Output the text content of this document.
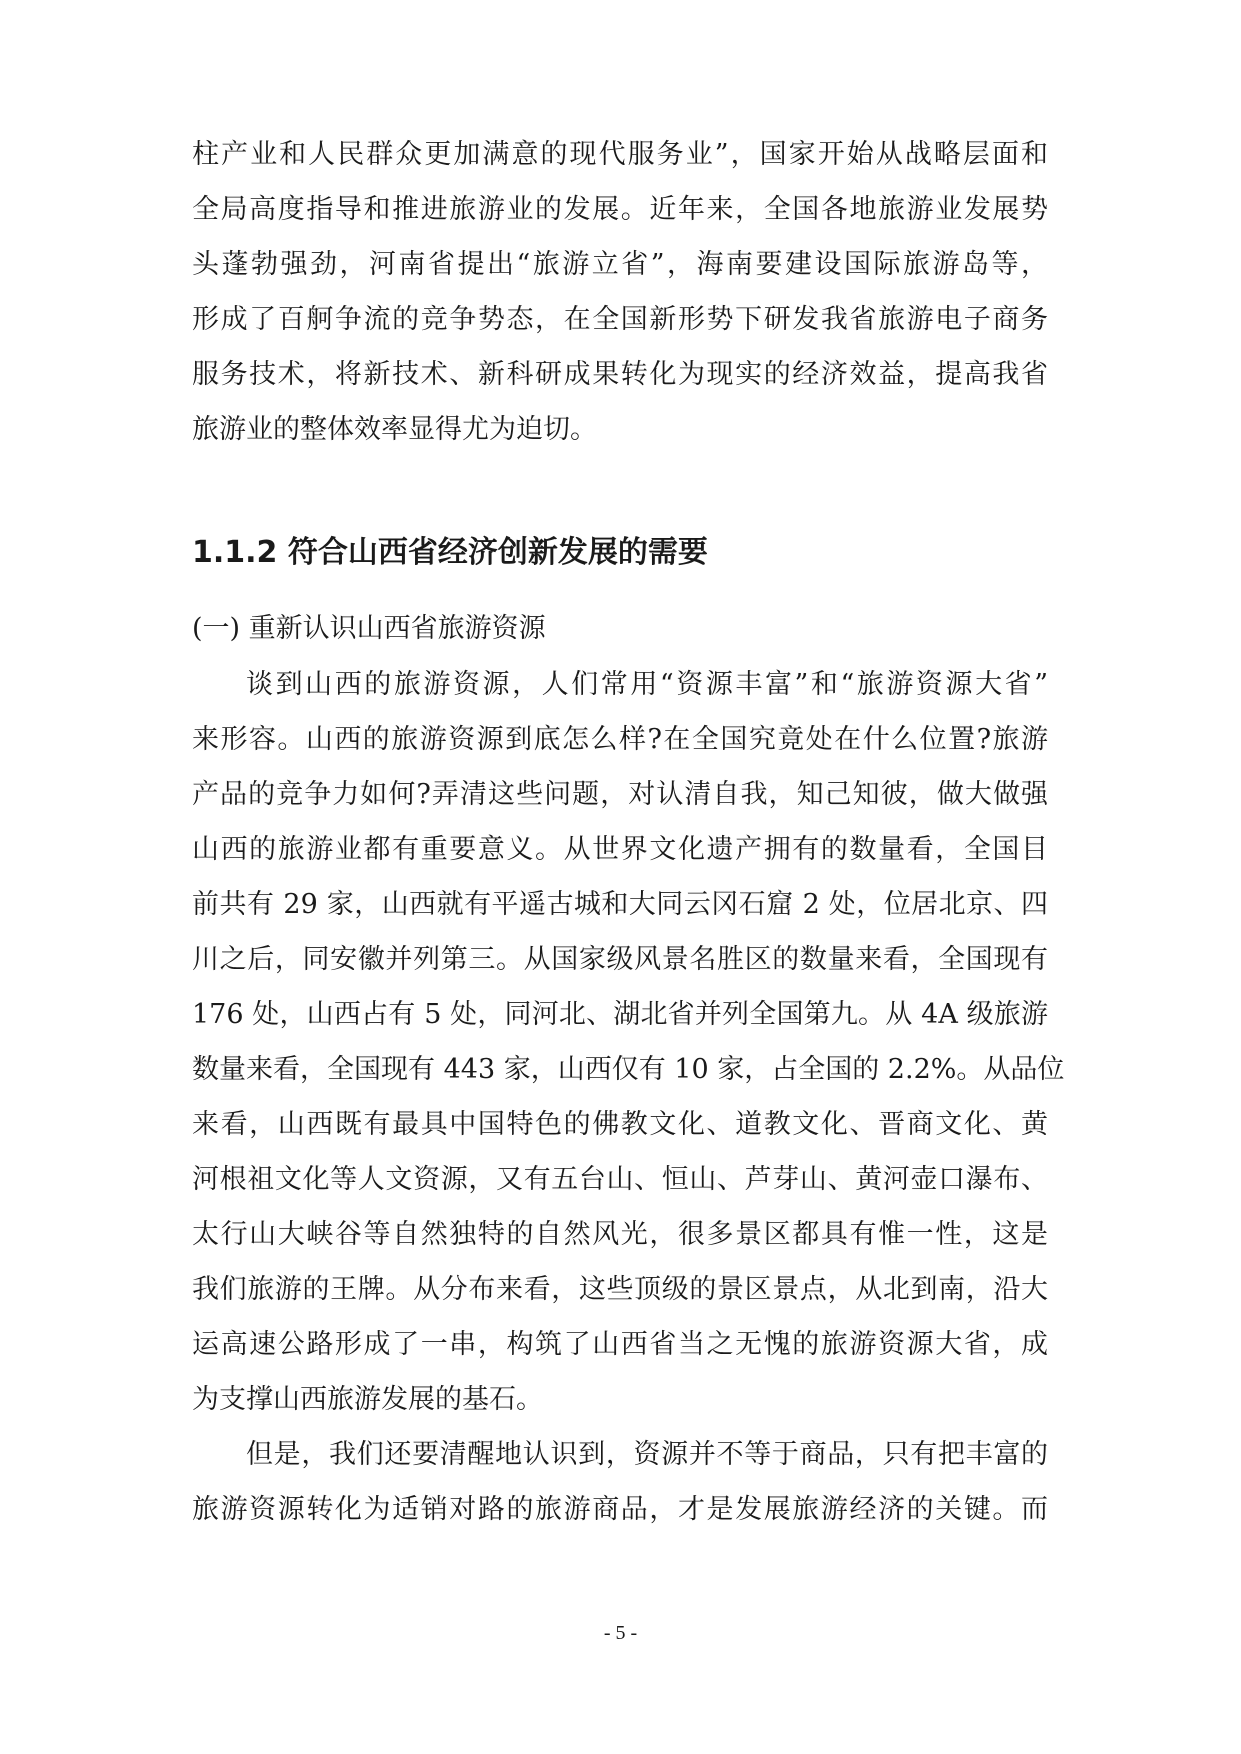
柱产业和人民群众更加满意的现代服务业”，国家开始从战略层面和
全局高度指导和推进旅游业的发展。近年来，全国各地旅游业发展势
头蓬勃强劲，河南省提出“旅游立省”，海南要建设国际旅游岛等，
形成了百舸争流的竞争势态，在全国新形势下研发我省旅游电子商务
服务技术，将新技术、新科研成果转化为现实的经济效益，提高我省
旅游业的整体效率显得尤为迫切。
1.1.2 符合山西省经济创新发展的需要
(一) 重新认识山西省旅游资源
谈到山西的旅游资源，人们常用“资源丰富”和“旅游资源大省”
来形容。山西的旅游资源到底怎么样?在全国究竟处在什么位置?旅游
产品的竞争力如何?弄清这些问题，对认清自我，知己知彼，做大做强
山西的旅游业都有重要意义。从世界文化遗产拥有的数量看，全国目
前共有 29 家，山西就有平遥古城和大同云冈石窟 2 处，位居北京、四
川之后，同安徽并列第三。从国家级风景名胜区的数量来看，全国现有
176 处，山西占有 5 处，同河北、湖北省并列全国第九。从 4A 级旅游
数量来看，全国现有 443 家，山西仅有 10 家，占全国的 2.2%。从品位
来看，山西既有最具中国特色的佛教文化、道教文化、晋商文化、黄
河根祖文化等人文资源，又有五台山、恒山、芦芽山、黄河壶口瀑布、
太行山大峡谷等自然独特的自然风光，很多景区都具有惟一性，这是
我们旅游的王牌。从分布来看，这些顶级的景区景点，从北到南，沿大
运高速公路形成了一串，构筑了山西省当之无愧的旅游资源大省，成
为支撑山西旅游发展的基石。
但是，我们还要清醒地认识到，资源并不等于商品，只有把丰富的
旅游资源转化为适销对路的旅游商品，才是发展旅游经济的关键。而
- 5 -
